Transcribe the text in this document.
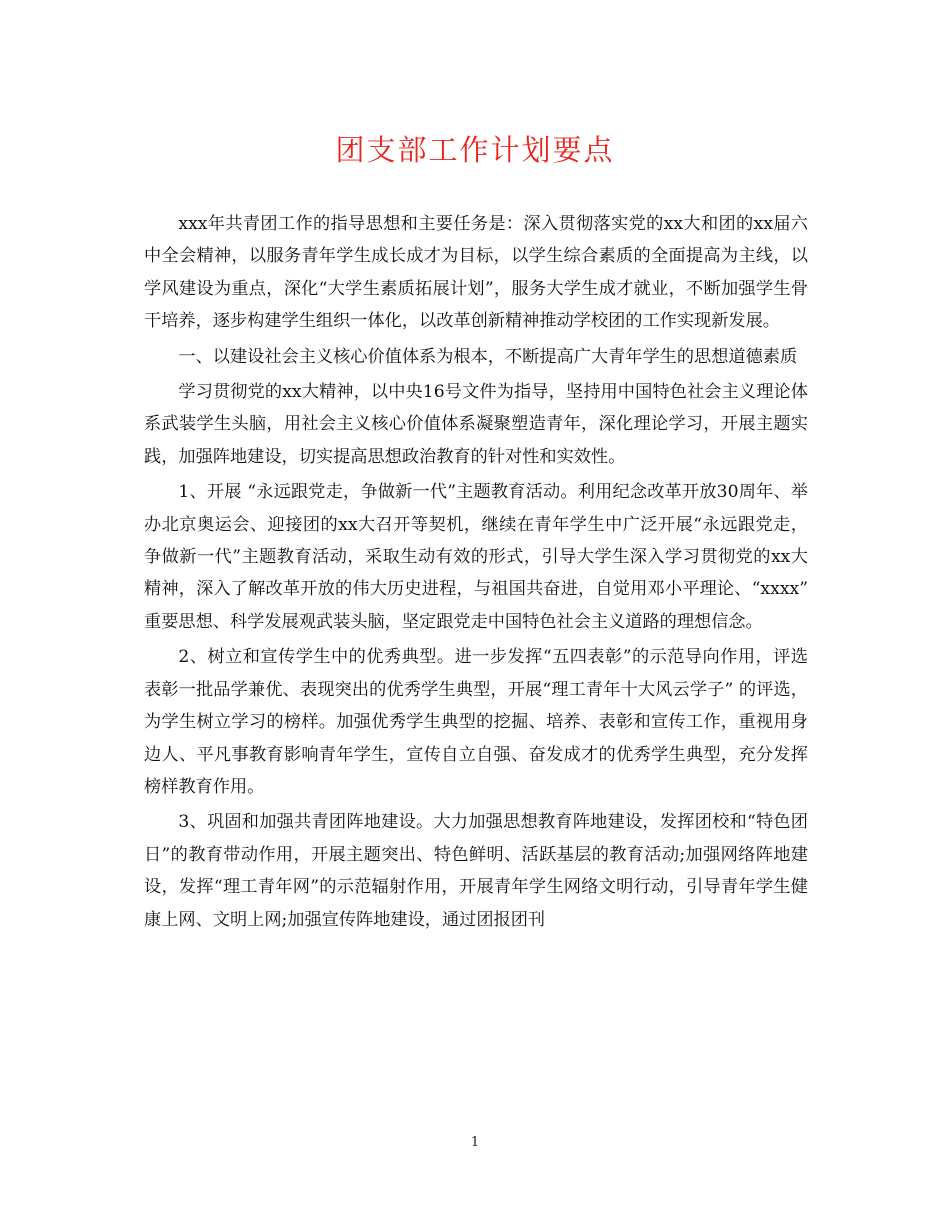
团支部工作计划要点

xxx年共青团工作的指导思想和主要任务是：深入贯彻落实党的xx大和团的xx届六中全会精神，以服务青年学生成长成才为目标，以学生综合素质的全面提高为主线，以学风建设为重点，深化“大学生素质拓展计划”，服务大学生成才就业，不断加强学生骨干培养，逐步构建学生组织一体化，以改革创新精神推动学校团的工作实现新发展。

一、以建设社会主义核心价值体系为根本，不断提高广大青年学生的思想道德素质

学习贯彻党的xx大精神，以中央16号文件为指导，坚持用中国特色社会主义理论体系武装学生头脑，用社会主义核心价值体系凝聚塑造青年，深化理论学习，开展主题实践，加强阵地建设，切实提高思想政治教育的针对性和实效性。

1、开展 “永远跟党走，争做新一代”主题教育活动。利用纪念改革开放30周年、举办北京奥运会、迎接团的xx大召开等契机，继续在青年学生中广泛开展“永远跟党走，争做新一代”主题教育活动，采取生动有效的形式，引导大学生深入学习贯彻党的xx大精神，深入了解改革开放的伟大历史进程，与祖国共奋进，自觉用邓小平理论、“xxxx” 重要思想、科学发展观武装头脑，坚定跟党走中国特色社会主义道路的理想信念。

2、树立和宣传学生中的优秀典型。进一步发挥“五四表彰”的示范导向作用，评选表彰一批品学兼优、表现突出的优秀学生典型，开展“理工青年十大风云学子” 的评选，为学生树立学习的榜样。加强优秀学生典型的挖掘、培养、表彰和宣传工作，重视用身边人、平凡事教育影响青年学生，宣传自立自强、奋发成才的优秀学生典型，充分发挥榜样教育作用。

3、巩固和加强共青团阵地建设。大力加强思想教育阵地建设，发挥团校和“特色团日”的教育带动作用，开展主题突出、特色鲜明、活跃基层的教育活动;加强网络阵地建设，发挥“理工青年网”的示范辐射作用，开展青年学生网络文明行动，引导青年学生健康上网、文明上网;加强宣传阵地建设，通过团报团刊

1
